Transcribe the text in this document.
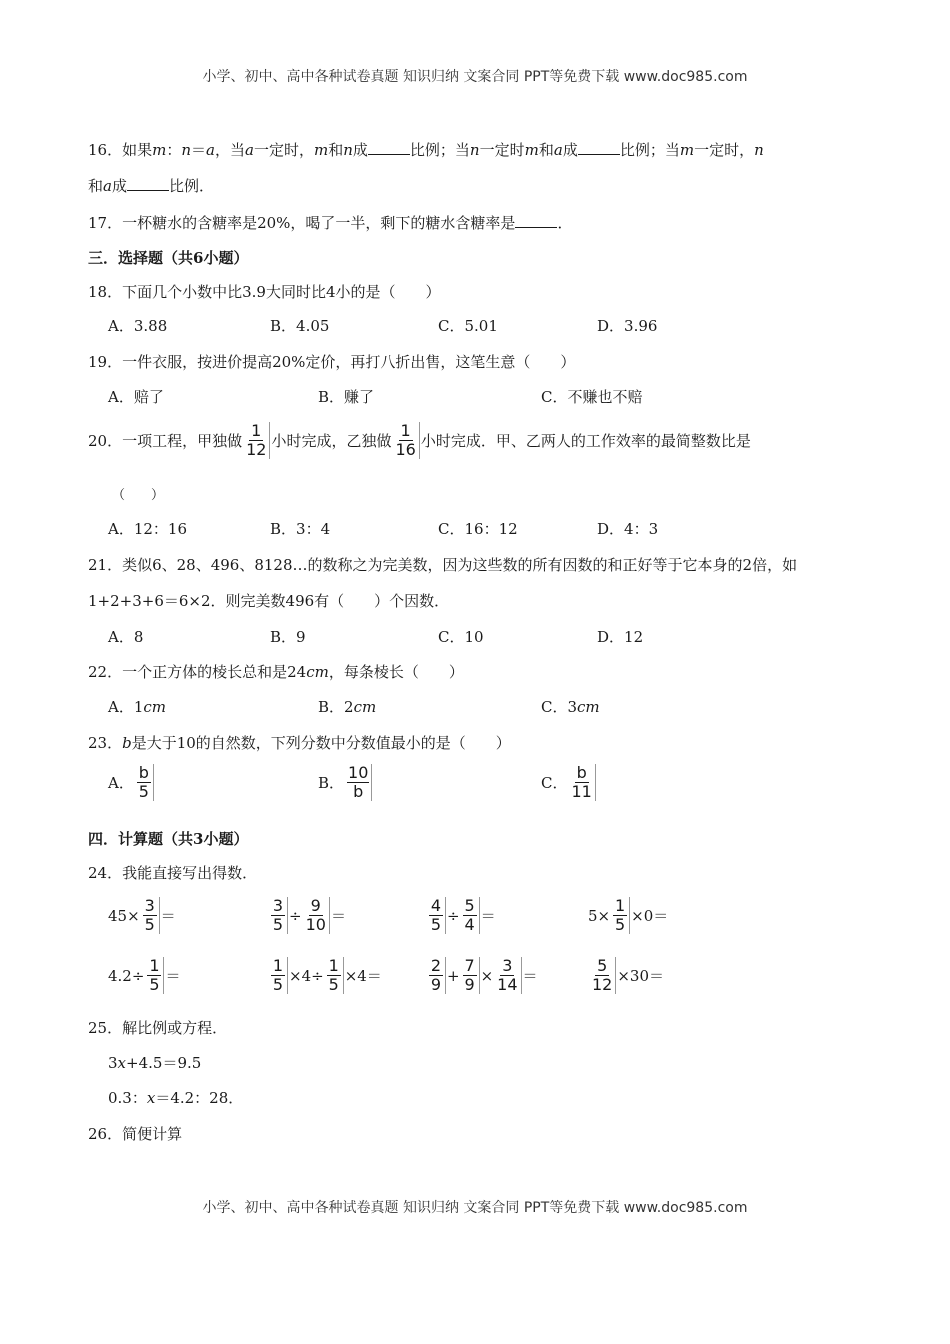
小学、初中、高中各种试卷真题 知识归纳 文案合同 PPT等免费下载 www.doc985.com
16．如果m：n＝a，当a一定时，m和n成	比例；当n一定时m和a成	比例；当m一定时，n
和a成	比例．
17．一杯糖水的含糖率是20%，喝了一半，剩下的糖水含糖率是	．
三．选择题（共6小题）
18．下面几个小数中比3.9大同时比4小的是（　　）
A．3.88	B．4.05	C．5.01	D．3.96
19．一件衣服，按进价提高20%定价，再打八折出售，这笔生意（　　）
A．赔了	B．赚了	C．不赚也不赔
20．一项工程，甲独做 $\frac{1}{12}$ 小时完成，乙独做 $\frac{1}{16}$ 小时完成．甲、乙两人的工作效率的最简整数比是
（　　）
A．12：16	B．3：4	C．16：12	D．4：3
21．类似6、28、496、8128…的数称之为完美数，因为这些数的所有因数的和正好等于它本身的2倍，如
1+2+3+6＝6×2．则完美数496有（　　）个因数．
A．8	B．9	C．10	D．12
22．一个正方体的棱长总和是24cm，每条棱长（　　）
A．1cm	B．2cm	C．3cm
23．b是大于10的自然数，下列分数中分数值最小的是（　　）
A． $\frac{b}{5}$	B． $\frac{10}{b}$	C． $\frac{b}{11}$
四．计算题（共3小题）
24．我能直接写出得数．
$45\times \frac{3}{5}$ ＝	$\frac{3}{5} \div \frac{9}{10}$ ＝	$\frac{4}{5} \div \frac{5}{4}$ ＝	$5\times \frac{1}{5} \times 0=$
$4.2\div \frac{1}{5}$ ＝	$\frac{1}{5} \times 4\div \frac{1}{5} \times 4=$	$\frac{2}{9} + \frac{7}{9} \times \frac{3}{14}$ ＝	$\frac{5}{12} \times 30=$
25．解比例或方程．
3x+4.5＝9.5
0.3：x＝4.2：28．
26．简便计算
小学、初中、高中各种试卷真题 知识归纳 文案合同 PPT等免费下载 www.doc985.com
